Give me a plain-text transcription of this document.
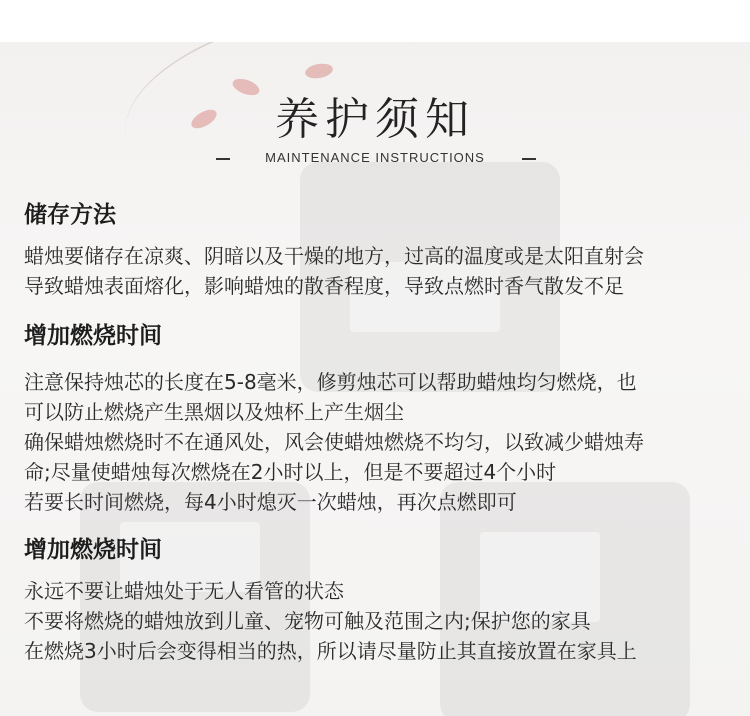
养护须知
MAINTENANCE INSTRUCTIONS
储存方法
蜡烛要储存在凉爽、阴暗以及干燥的地方，过高的温度或是太阳直射会
导致蜡烛表面熔化，影响蜡烛的散香程度，导致点燃时香气散发不足
增加燃烧时间
注意保持烛芯的长度在5-8毫米，修剪烛芯可以帮助蜡烛均匀燃烧，也
可以防止燃烧产生黑烟以及烛杯上产生烟尘
确保蜡烛燃烧时不在通风处，风会使蜡烛燃烧不均匀，以致减少蜡烛寿
命;尽量使蜡烛每次燃烧在2小时以上，但是不要超过4个小时
若要长时间燃烧，每4小时熄灭一次蜡烛，再次点燃即可
增加燃烧时间
永远不要让蜡烛处于无人看管的状态
不要将燃烧的蜡烛放到儿童、宠物可触及范围之内;保护您的家具
在燃烧3小时后会变得相当的热，所以请尽量防止其直接放置在家具上
